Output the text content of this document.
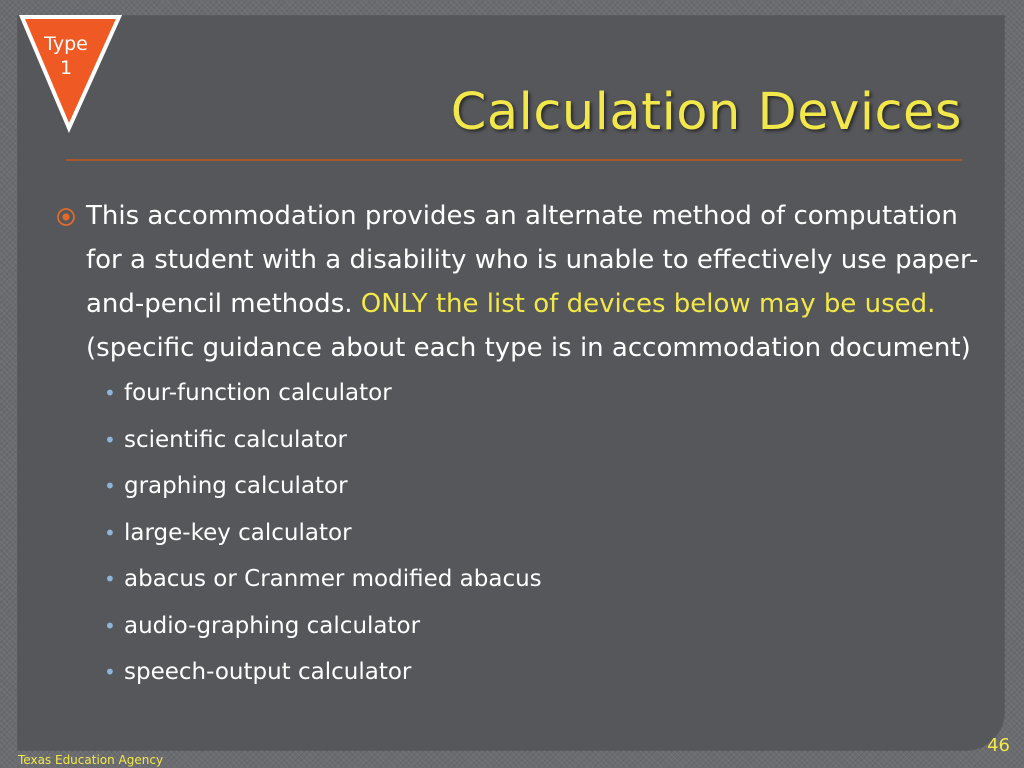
Type
1
Calculation Devices
This accommodation provides an alternate method of computation for a student with a disability who is unable to effectively use paper-and-pencil methods. ONLY the list of devices below may be used. (specific guidance about each type is in accommodation document)
• four-function calculator
• scientific calculator
• graphing calculator
• large-key calculator
• abacus or Cranmer modified abacus
• audio-graphing calculator
• speech-output calculator
46
Texas Education Agency
